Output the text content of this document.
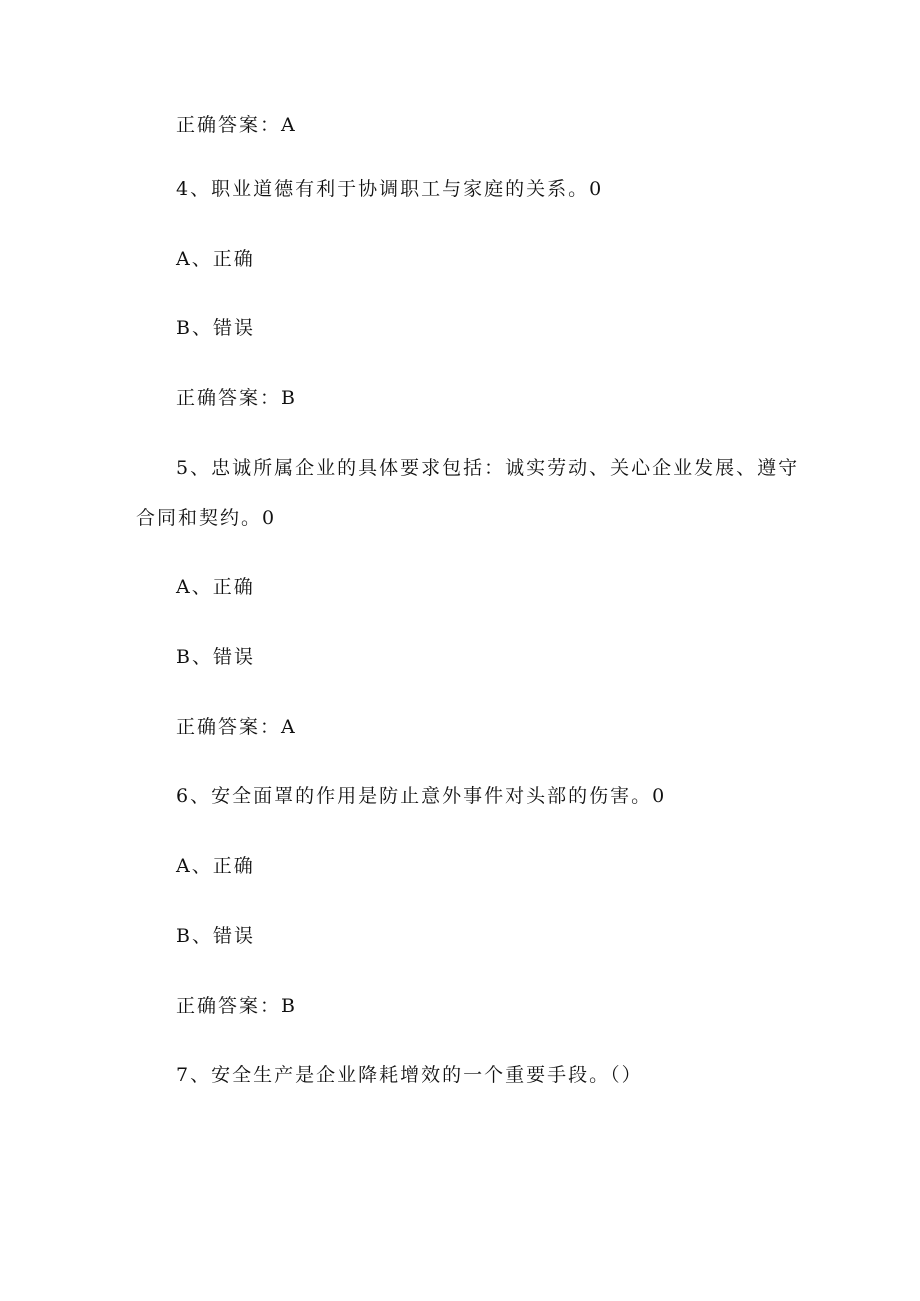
正确答案：A
4、职业道德有利于协调职工与家庭的关系。0
A、正确
B、错误
正确答案：B
5、忠诚所属企业的具体要求包括：诚实劳动、关心企业发展、遵守
合同和契约。0
A、正确
B、错误
正确答案：A
6、安全面罩的作用是防止意外事件对头部的伤害。0
A、正确
B、错误
正确答案：B
7、安全生产是企业降耗增效的一个重要手段。（）
